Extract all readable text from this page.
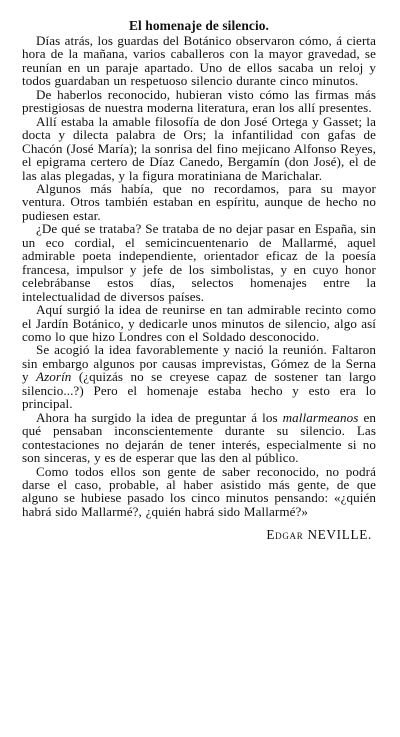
El homenaje de silencio.

Días atrás, los guardas del Botánico observaron cómo, á cierta hora de la mañana, varios caballeros con la mayor gravedad, se reunían en un paraje apartado. Uno de ellos sacaba un reloj y todos guardaban un respetuoso silencio durante cinco minutos.

De haberlos reconocido, hubieran visto cómo las firmas más prestigiosas de nuestra moderna literatura, eran los allí presentes.

Allí estaba la amable filosofía de don José Ortega y Gasset; la docta y dilecta palabra de Ors; la infantilidad con gafas de Chacón (José María); la sonrisa del fino mejicano Alfonso Reyes, el epigrama certero de Díaz Canedo, Bergamín (don José), el de las alas plegadas, y la figura moratiniana de Marichalar.

Algunos más había, que no recordamos, para su mayor ventura. Otros también estaban en espíritu, aunque de hecho no pudiesen estar.

¿De qué se trataba? Se trataba de no dejar pasar en España, sin un eco cordial, el semicincuentenario de Mallarmé, aquel admirable poeta independiente, orientador eficaz de la poesía francesa, impulsor y jefe de los simbolistas, y en cuyo honor celebrábanse estos días, selectos homenajes entre la intelectualidad de diversos países.

Aquí surgió la idea de reunirse en tan admirable recinto como el Jardín Botánico, y dedicarle unos minutos de silencio, algo así como lo que hizo Londres con el Soldado desconocido.

Se acogió la idea favorablemente y nació la reunión. Faltaron sin embargo algunos por causas imprevistas, Gómez de la Serna y Azorín (¿quizás no se creyese capaz de sostener tan largo silencio...?) Pero el homenaje estaba hecho y esto era lo principal.

Ahora ha surgido la idea de preguntar á los mallarmeanos en qué pensaban inconscientemente durante su silencio. Las contestaciones no dejarán de tener interés, especialmente si no son sinceras, y es de esperar que las den al público.

Como todos ellos son gente de saber reconocido, no podrá darse el caso, probable, al haber asistido más gente, de que alguno se hubiese pasado los cinco minutos pensando: «¿quién habrá sido Mallarmé?, ¿quién habrá sido Mallarmé?»

Edgar NEVILLE.
